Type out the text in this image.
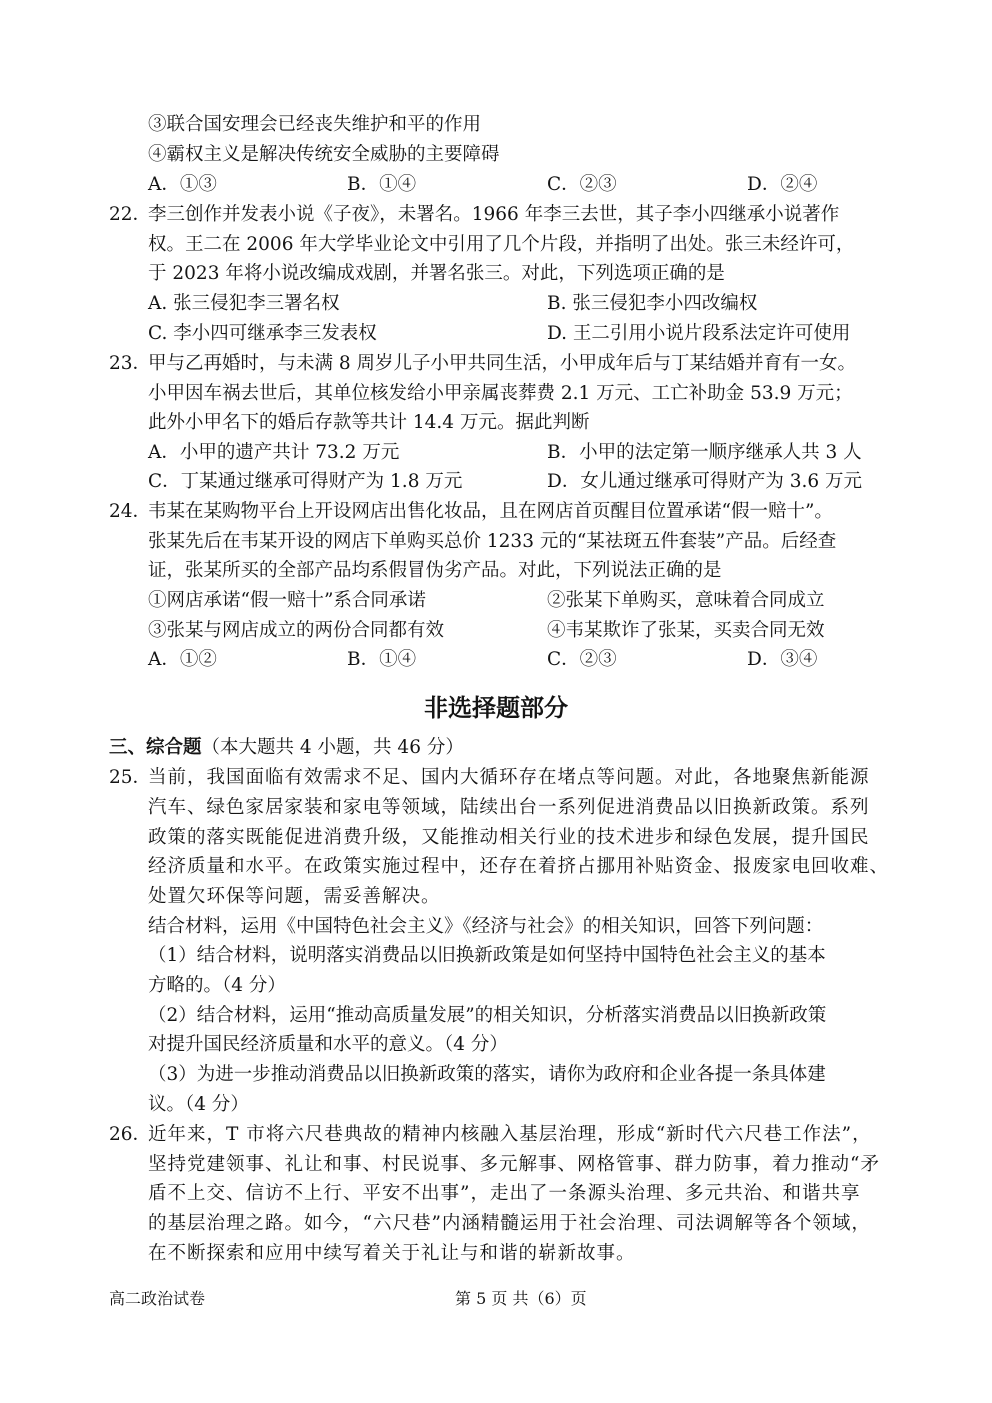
③联合国安理会已经丧失维护和平的作用
④霸权主义是解决传统安全威胁的主要障碍
A．①③	B．①④	C．②③	D．②④
22．李三创作并发表小说《子夜》，未署名。1966 年李三去世，其子李小四继承小说著作
权。王二在 2006 年大学毕业论文中引用了几个片段，并指明了出处。张三未经许可，
于 2023 年将小说改编成戏剧，并署名张三。对此，下列选项正确的是
A. 张三侵犯李三署名权	B. 张三侵犯李小四改编权
C. 李小四可继承李三发表权	D. 王二引用小说片段系法定许可使用
23．甲与乙再婚时，与未满 8 周岁儿子小甲共同生活，小甲成年后与丁某结婚并育有一女。
小甲因车祸去世后，其单位核发给小甲亲属丧葬费 2.1 万元、工亡补助金 53.9 万元；
此外小甲名下的婚后存款等共计 14.4 万元。据此判断
A．小甲的遗产共计 73.2 万元	B．小甲的法定第一顺序继承人共 3 人
C．丁某通过继承可得财产为 1.8 万元	D．女儿通过继承可得财产为 3.6 万元
24．韦某在某购物平台上开设网店出售化妆品，且在网店首页醒目位置承诺“假一赔十”。
张某先后在韦某开设的网店下单购买总价 1233 元的“某祛斑五件套装”产品。后经查
证，张某所买的全部产品均系假冒伪劣产品。对此，下列说法正确的是
①网店承诺“假一赔十”系合同承诺	②张某下单购买，意味着合同成立
③张某与网店成立的两份合同都有效	④韦某欺诈了张某，买卖合同无效
A．①②	B．①④	C．②③	D．③④
非选择题部分
三、综合题（本大题共 4 小题，共 46 分）
25．当前，我国面临有效需求不足、国内大循环存在堵点等问题。对此，各地聚焦新能源
汽车、绿色家居家装和家电等领域，陆续出台一系列促进消费品以旧换新政策。系列
政策的落实既能促进消费升级，又能推动相关行业的技术进步和绿色发展，提升国民
经济质量和水平。在政策实施过程中，还存在着挤占挪用补贴资金、报废家电回收难、
处置欠环保等问题，需妥善解决。
结合材料，运用《中国特色社会主义》《经济与社会》的相关知识，回答下列问题：
（1）结合材料，说明落实消费品以旧换新政策是如何坚持中国特色社会主义的基本
方略的。（4 分）
（2）结合材料，运用“推动高质量发展”的相关知识，分析落实消费品以旧换新政策
对提升国民经济质量和水平的意义。（4 分）
（3）为进一步推动消费品以旧换新政策的落实，请你为政府和企业各提一条具体建
议。（4 分）
26．近年来，T 市将六尺巷典故的精神内核融入基层治理，形成“新时代六尺巷工作法”，
坚持党建领事、礼让和事、村民说事、多元解事、网格管事、群力防事，着力推动“矛
盾不上交、信访不上行、平安不出事”，走出了一条源头治理、多元共治、和谐共享
的基层治理之路。如今，“六尺巷”内涵精髓运用于社会治理、司法调解等各个领域，
在不断探索和应用中续写着关于礼让与和谐的崭新故事。
高二政治试卷	第 5 页 共（6）页
